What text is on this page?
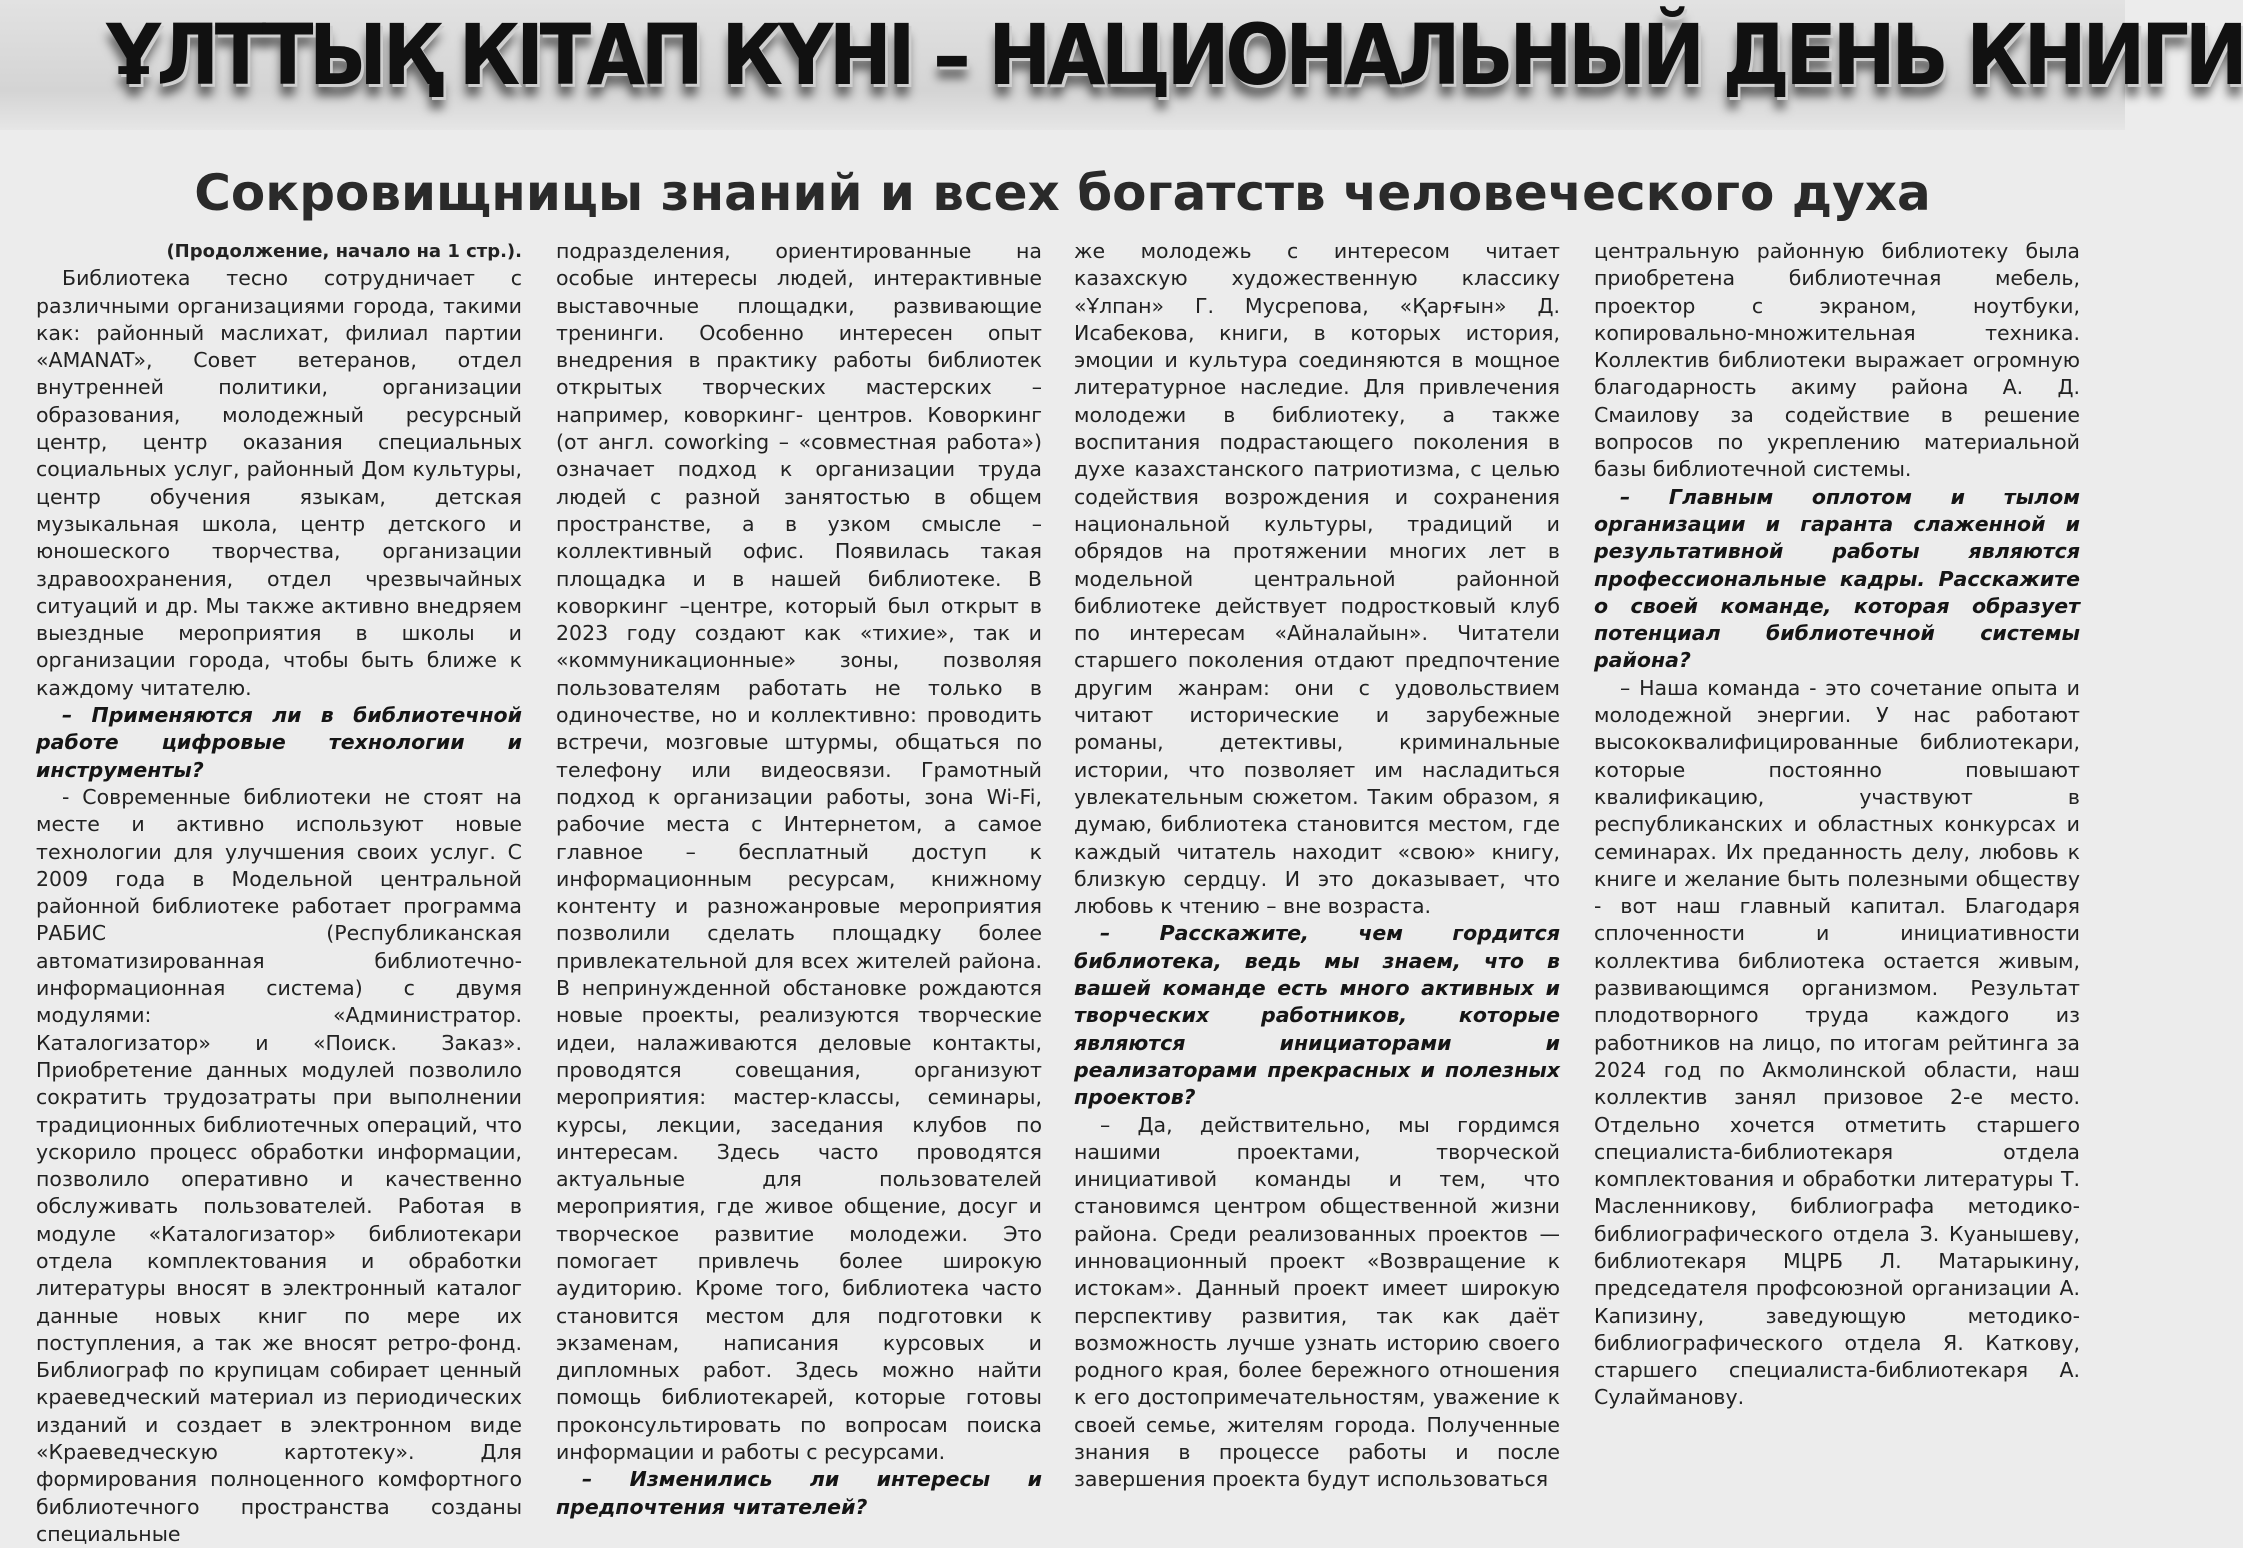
ҰЛТТЫҚ КІТАП КҮНІ – НАЦИОНАЛЬНЫЙ ДЕНЬ КНИГИ
Сокровищницы знаний и всех богатств человеческого духа

(Продолжение, начало на 1 стр.).

Библиотека тесно сотрудничает с различными организациями города, такими как: районный маслихат, филиал партии «AMANAT», Совет ветеранов, отдел внутренней политики, организации образования, молодежный ресурсный центр, центр оказания специальных социальных услуг, районный Дом культуры, центр обучения языкам, детская музыкальная школа, центр детского и юношеского творчества, организации здравоохранения, отдел чрезвычайных ситуаций и др. Мы также активно внедряем выездные мероприятия в школы и организации города, чтобы быть ближе к каждому читателю.

– Применяются ли в библиотечной работе цифровые технологии и инструменты?

- Современные библиотеки не стоят на месте и активно используют новые технологии для улучшения своих услуг. С 2009 года в Модельной центральной районной библиотеке работает программа РАБИС (Республиканская автоматизированная библиотечно-информационная система) с двумя модулями: «Администратор. Каталогизатор» и «Поиск. Заказ». Приобретение данных модулей позволило сократить трудозатраты при выполнении традиционных библиотечных операций, что ускорило процесс обработки информации, позволило оперативно и качественно обслуживать пользователей. Работая в модуле «Каталогизатор» библиотекари отдела комплектования и обработки литературы вносят в электронный каталог данные новых книг по мере их поступления, а так же вносят ретро-фонд. Библиограф по крупицам собирает ценный краеведческий материал из периодических изданий и создает в электронном виде «Краеведческую картотеку». Для формирования полноценного комфортного библиотечного пространства созданы специальные

подразделения, ориентированные на особые интересы людей, интерактивные выставочные площадки, развивающие тренинги. Особенно интересен опыт внедрения в практику работы библиотек открытых творческих мастерских – например, коворкинг- центров. Коворкинг (от англ. coworking – «совместная работа») означает подход к организации труда людей с разной занятостью в общем пространстве, а в узком смысле – коллективный офис. Появилась такая площадка и в нашей библиотеке. В коворкинг –центре, который был открыт в 2023 году создают как «тихие», так и «коммуникационные» зоны, позволяя пользователям работать не только в одиночестве, но и коллективно: проводить встречи, мозговые штурмы, общаться по телефону или видеосвязи. Грамотный подход к организации работы, зона Wi-Fi, рабочие места с Интернетом, а самое главное – бесплатный доступ к информационным ресурсам, книжному контенту и разножанровые мероприятия позволили сделать площадку более привлекательной для всех жителей района. В непринужденной обстановке рождаются новые проекты, реализуются творческие идеи, налаживаются деловые контакты, проводятся совещания, организуют мероприятия: мастер-классы, семинары, курсы, лекции, заседания клубов по интересам. Здесь часто проводятся актуальные для пользователей мероприятия, где живое общение, досуг и творческое развитие молодежи. Это помогает привлечь более широкую аудиторию. Кроме того, библиотека часто становится местом для подготовки к экзаменам, написания курсовых и дипломных работ. Здесь можно найти помощь библиотекарей, которые готовы проконсультировать по вопросам поиска информации и работы с ресурсами.

– Изменились ли интересы и предпочтения читателей?

же молодежь с интересом читает казахскую художественную классику «Ұлпан» Г. Мусрепова, «Қарғын» Д. Исабекова, книги, в которых история, эмоции и культура соединяются в мощное литературное наследие. Для привлечения молодежи в библиотеку, а также воспитания подрастающего поколения в духе казахстанского патриотизма, с целью содействия возрождения и сохранения национальной культуры, традиций и обрядов на протяжении многих лет в модельной центральной районной библиотеке действует подростковый клуб по интересам «Айналайын». Читатели старшего поколения отдают предпочтение другим жанрам: они с удовольствием читают исторические и зарубежные романы, детективы, криминальные истории, что позволяет им насладиться увлекательным сюжетом. Таким образом, я думаю, библиотека становится местом, где каждый читатель находит «свою» книгу, близкую сердцу. И это доказывает, что любовь к чтению – вне возраста.

– Расскажите, чем гордится библиотека, ведь мы знаем, что в вашей команде есть много активных и творческих работников, которые являются инициаторами и реализаторами прекрасных и полезных проектов?

– Да, действительно, мы гордимся нашими проектами, творческой инициативой команды и тем, что становимся центром общественной жизни района. Среди реализованных проектов — инновационный проект «Возвращение к истокам». Данный проект имеет широкую перспективу развития, так как даёт возможность лучше узнать историю своего родного края, более бережного отношения к его достопримечательностям, уважение к своей семье, жителям города. Полученные знания в процессе работы и после завершения проекта будут использоваться

центральную районную библиотеку была приобретена библиотечная мебель, проектор с экраном, ноутбуки, копировально-множительная техника. Коллектив библиотеки выражает огромную благодарность акиму района А. Д. Смаилову за содействие в решение вопросов по укреплению материальной базы библиотечной системы.

– Главным оплотом и тылом организации и гаранта слаженной и результативной работы являются профессиональные кадры. Расскажите о своей команде, которая образует потенциал библиотечной системы района?

– Наша команда - это сочетание опыта и молодежной энергии. У нас работают высококвалифицированные библиотекари, которые постоянно повышают квалификацию, участвуют в республиканских и областных конкурсах и семинарах. Их преданность делу, любовь к книге и желание быть полезными обществу - вот наш главный капитал. Благодаря сплоченности и инициативности коллектива библиотека остается живым, развивающимся организмом. Результат плодотворного труда каждого из работников на лицо, по итогам рейтинга за 2024 год по Акмолинской области, наш коллектив занял призовое 2-е место. Отдельно хочется отметить старшего специалиста-библиотекаря отдела комплектования и обработки литературы Т. Масленникову, библиографа методико-библиографического отдела З. Куанышеву, библиотекаря МЦРБ Л. Матарыкину, председателя профсоюзной организации А. Капизину, заведующую методико-библиографического отдела Я. Каткову, старшего специалиста-библиотекаря А. Сулайманову.
